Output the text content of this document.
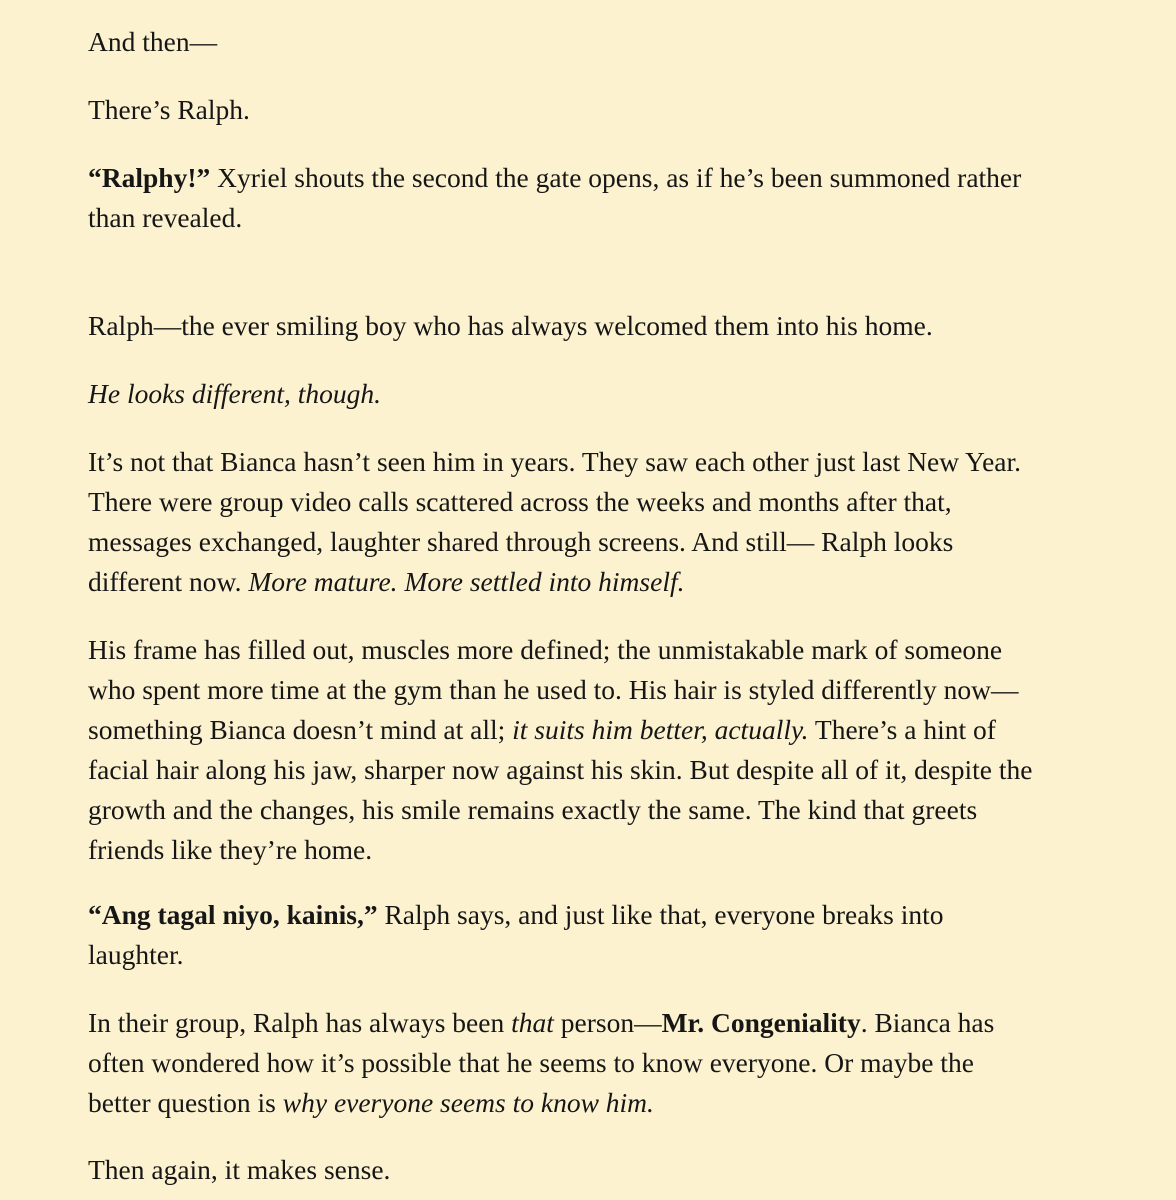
And then—

There’s Ralph.

“Ralphy!” Xyriel shouts the second the gate opens, as if he’s been summoned rather
than revealed.

Ralph—the ever smiling boy who has always welcomed them into his home.

He looks different, though.

It’s not that Bianca hasn’t seen him in years. They saw each other just last New Year.
There were group video calls scattered across the weeks and months after that,
messages exchanged, laughter shared through screens. And still— Ralph looks
different now. More mature. More settled into himself.

His frame has filled out, muscles more defined; the unmistakable mark of someone
who spent more time at the gym than he used to. His hair is styled differently now—
something Bianca doesn’t mind at all; it suits him better, actually. There’s a hint of
facial hair along his jaw, sharper now against his skin. But despite all of it, despite the
growth and the changes, his smile remains exactly the same. The kind that greets
friends like they’re home.

“Ang tagal niyo, kainis,” Ralph says, and just like that, everyone breaks into
laughter.

In their group, Ralph has always been that person—Mr. Congeniality. Bianca has
often wondered how it’s possible that he seems to know everyone. Or maybe the
better question is why everyone seems to know him.

Then again, it makes sense.
